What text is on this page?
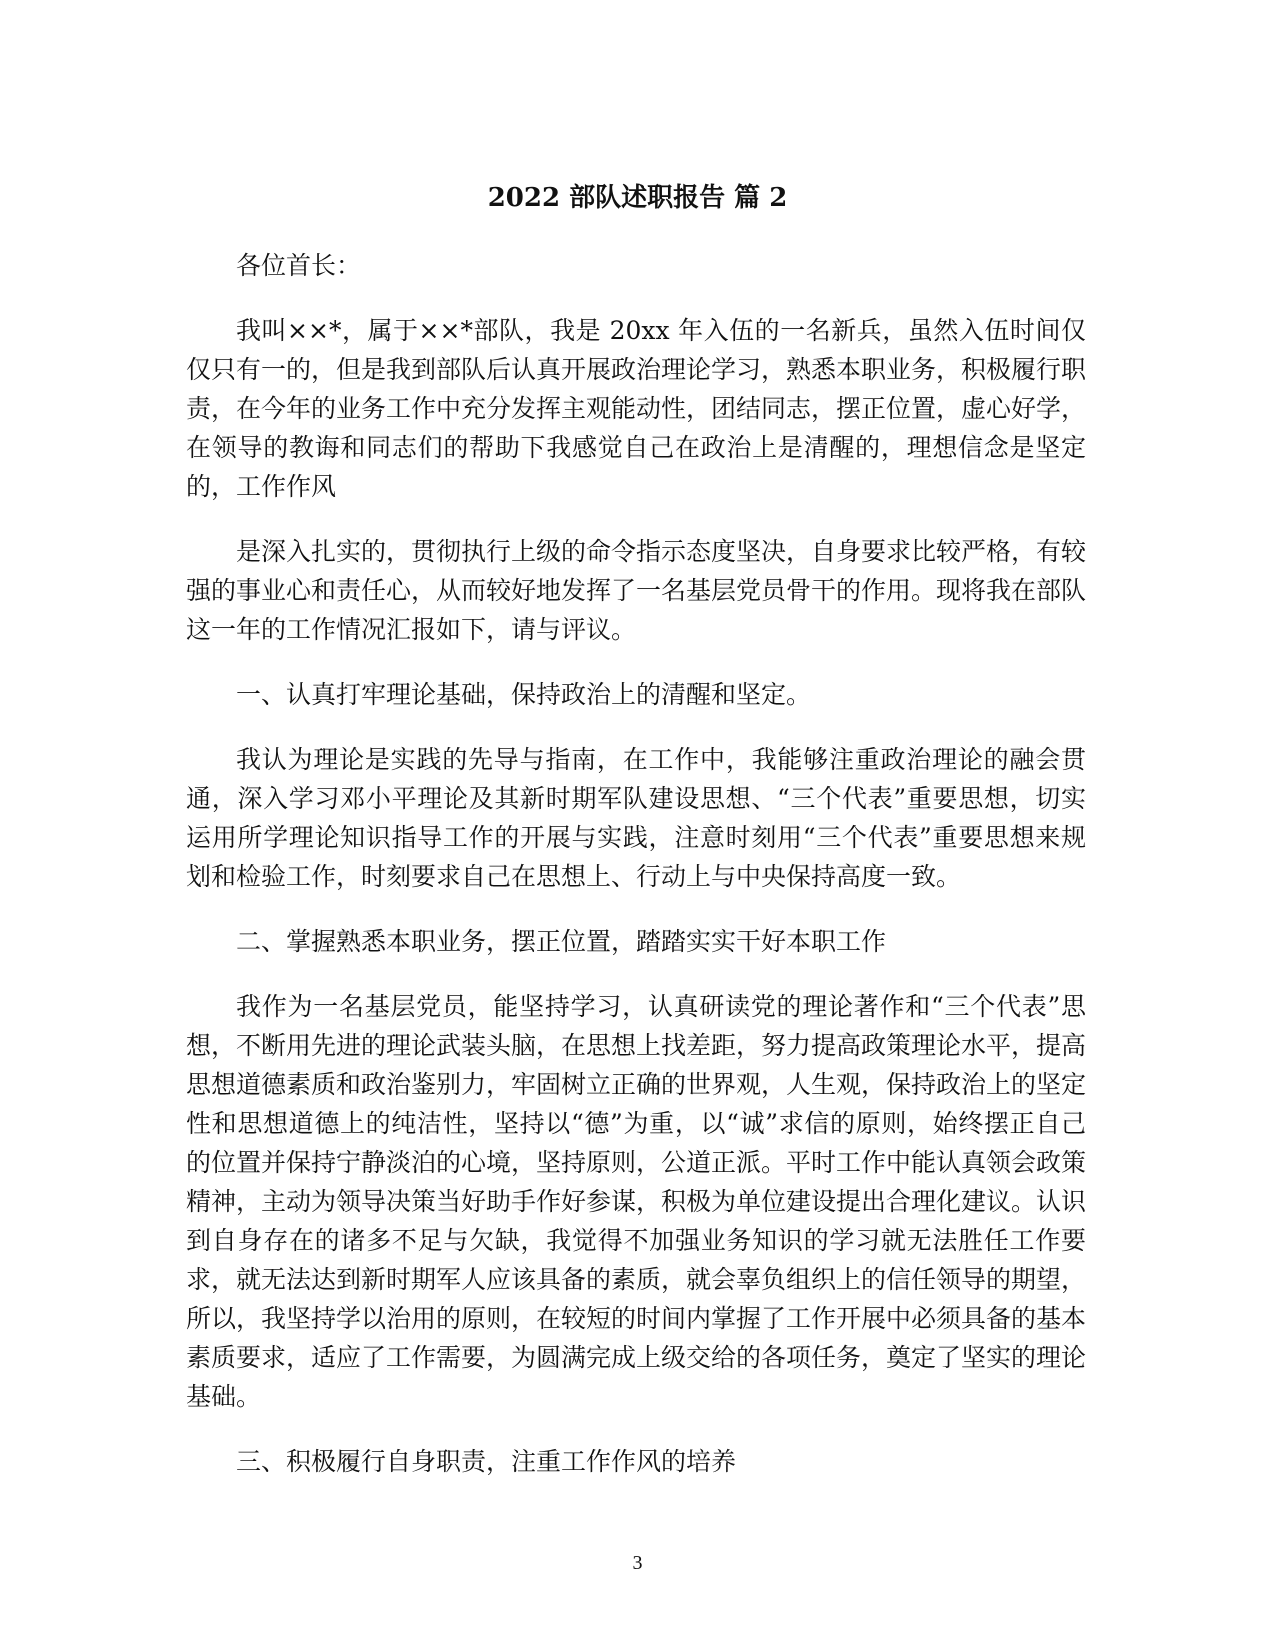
2022 部队述职报告 篇 2

各位首长：

我叫××*，属于××*部队，我是 20xx 年入伍的一名新兵，虽然入伍时间仅仅只有一的，但是我到部队后认真开展政治理论学习，熟悉本职业务，积极履行职责，在今年的业务工作中充分发挥主观能动性，团结同志，摆正位置，虚心好学，在领导的教诲和同志们的帮助下我感觉自己在政治上是清醒的，理想信念是坚定的，工作作风

是深入扎实的，贯彻执行上级的命令指示态度坚决，自身要求比较严格，有较强的事业心和责任心，从而较好地发挥了一名基层党员骨干的作用。现将我在部队这一年的工作情况汇报如下，请与评议。

一、认真打牢理论基础，保持政治上的清醒和坚定。

我认为理论是实践的先导与指南，在工作中，我能够注重政治理论的融会贯通，深入学习邓小平理论及其新时期军队建设思想、“三个代表”重要思想，切实运用所学理论知识指导工作的开展与实践，注意时刻用“三个代表”重要思想来规划和检验工作，时刻要求自己在思想上、行动上与中央保持高度一致。

二、掌握熟悉本职业务，摆正位置，踏踏实实干好本职工作

我作为一名基层党员，能坚持学习，认真研读党的理论著作和“三个代表”思想，不断用先进的理论武装头脑，在思想上找差距，努力提高政策理论水平，提高思想道德素质和政治鉴别力，牢固树立正确的世界观，人生观，保持政治上的坚定性和思想道德上的纯洁性，坚持以“德”为重，以“诚”求信的原则，始终摆正自己的位置并保持宁静淡泊的心境，坚持原则，公道正派。平时工作中能认真领会政策精神，主动为领导决策当好助手作好参谋，积极为单位建设提出合理化建议。认识到自身存在的诸多不足与欠缺，我觉得不加强业务知识的学习就无法胜任工作要求，就无法达到新时期军人应该具备的素质，就会辜负组织上的信任领导的期望，所以，我坚持学以治用的原则，在较短的时间内掌握了工作开展中必须具备的基本素质要求，适应了工作需要，为圆满完成上级交给的各项任务，奠定了坚实的理论基础。

三、积极履行自身职责，注重工作作风的培养

3
